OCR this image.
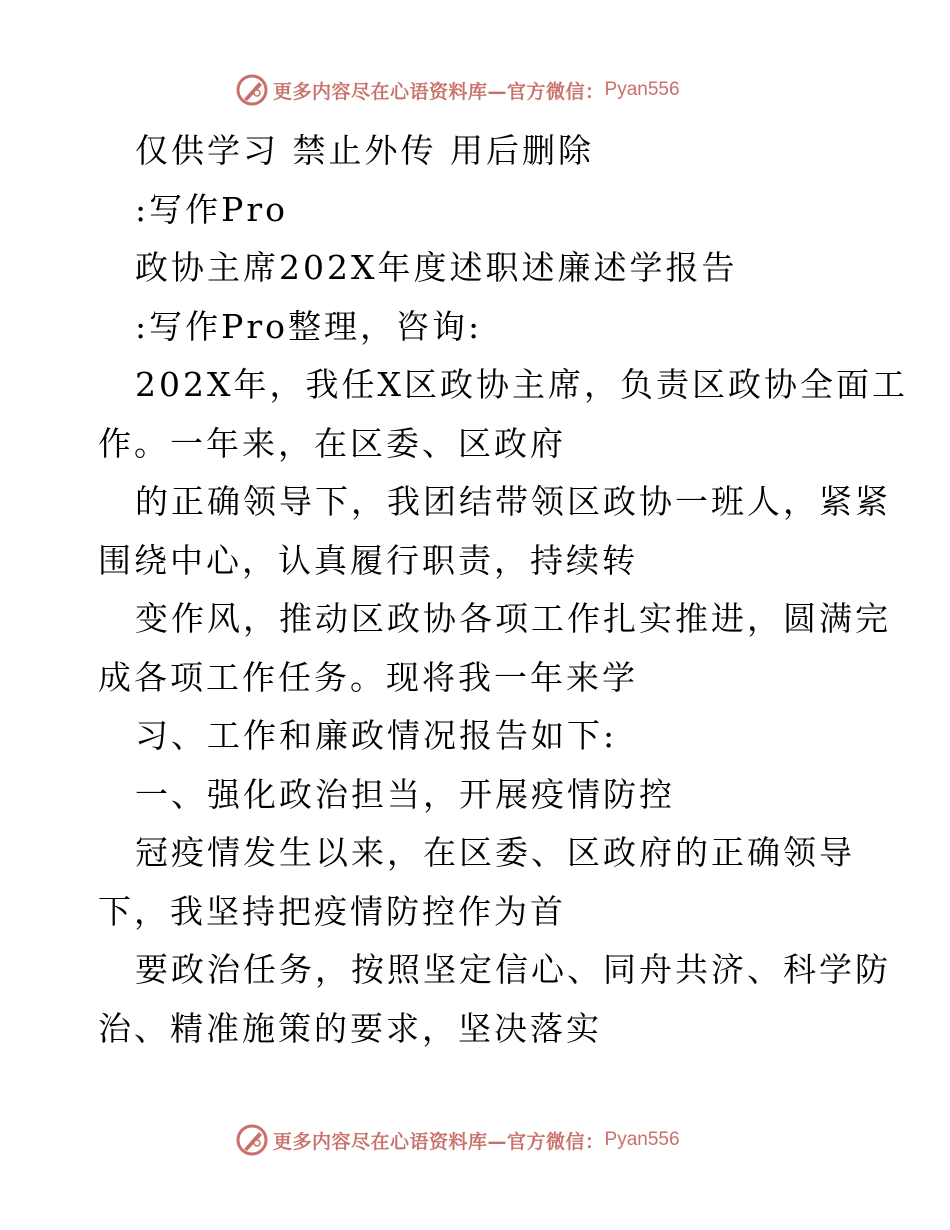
更多内容尽在心语资料库—官方微信： Pyan556
仅供学习 禁止外传 用后删除
:写作Pro
政协主席202X年度述职述廉述学报告
:写作Pro整理，咨询:
202X年，我任X区政协主席，负责区政协全面工
作。一年来，在区委、区政府
的正确领导下，我团结带领区政协一班人，紧紧
围绕中心，认真履行职责，持续转
变作风，推动区政协各项工作扎实推进，圆满完
成各项工作任务。现将我一年来学
习、工作和廉政情况报告如下:
一、强化政治担当，开展疫情防控
冠疫情发生以来，在区委、区政府的正确领导
下，我坚持把疫情防控作为首
要政治任务，按照坚定信心、同舟共济、科学防
治、精准施策的要求，坚决落实
更多内容尽在心语资料库—官方微信： Pyan556
